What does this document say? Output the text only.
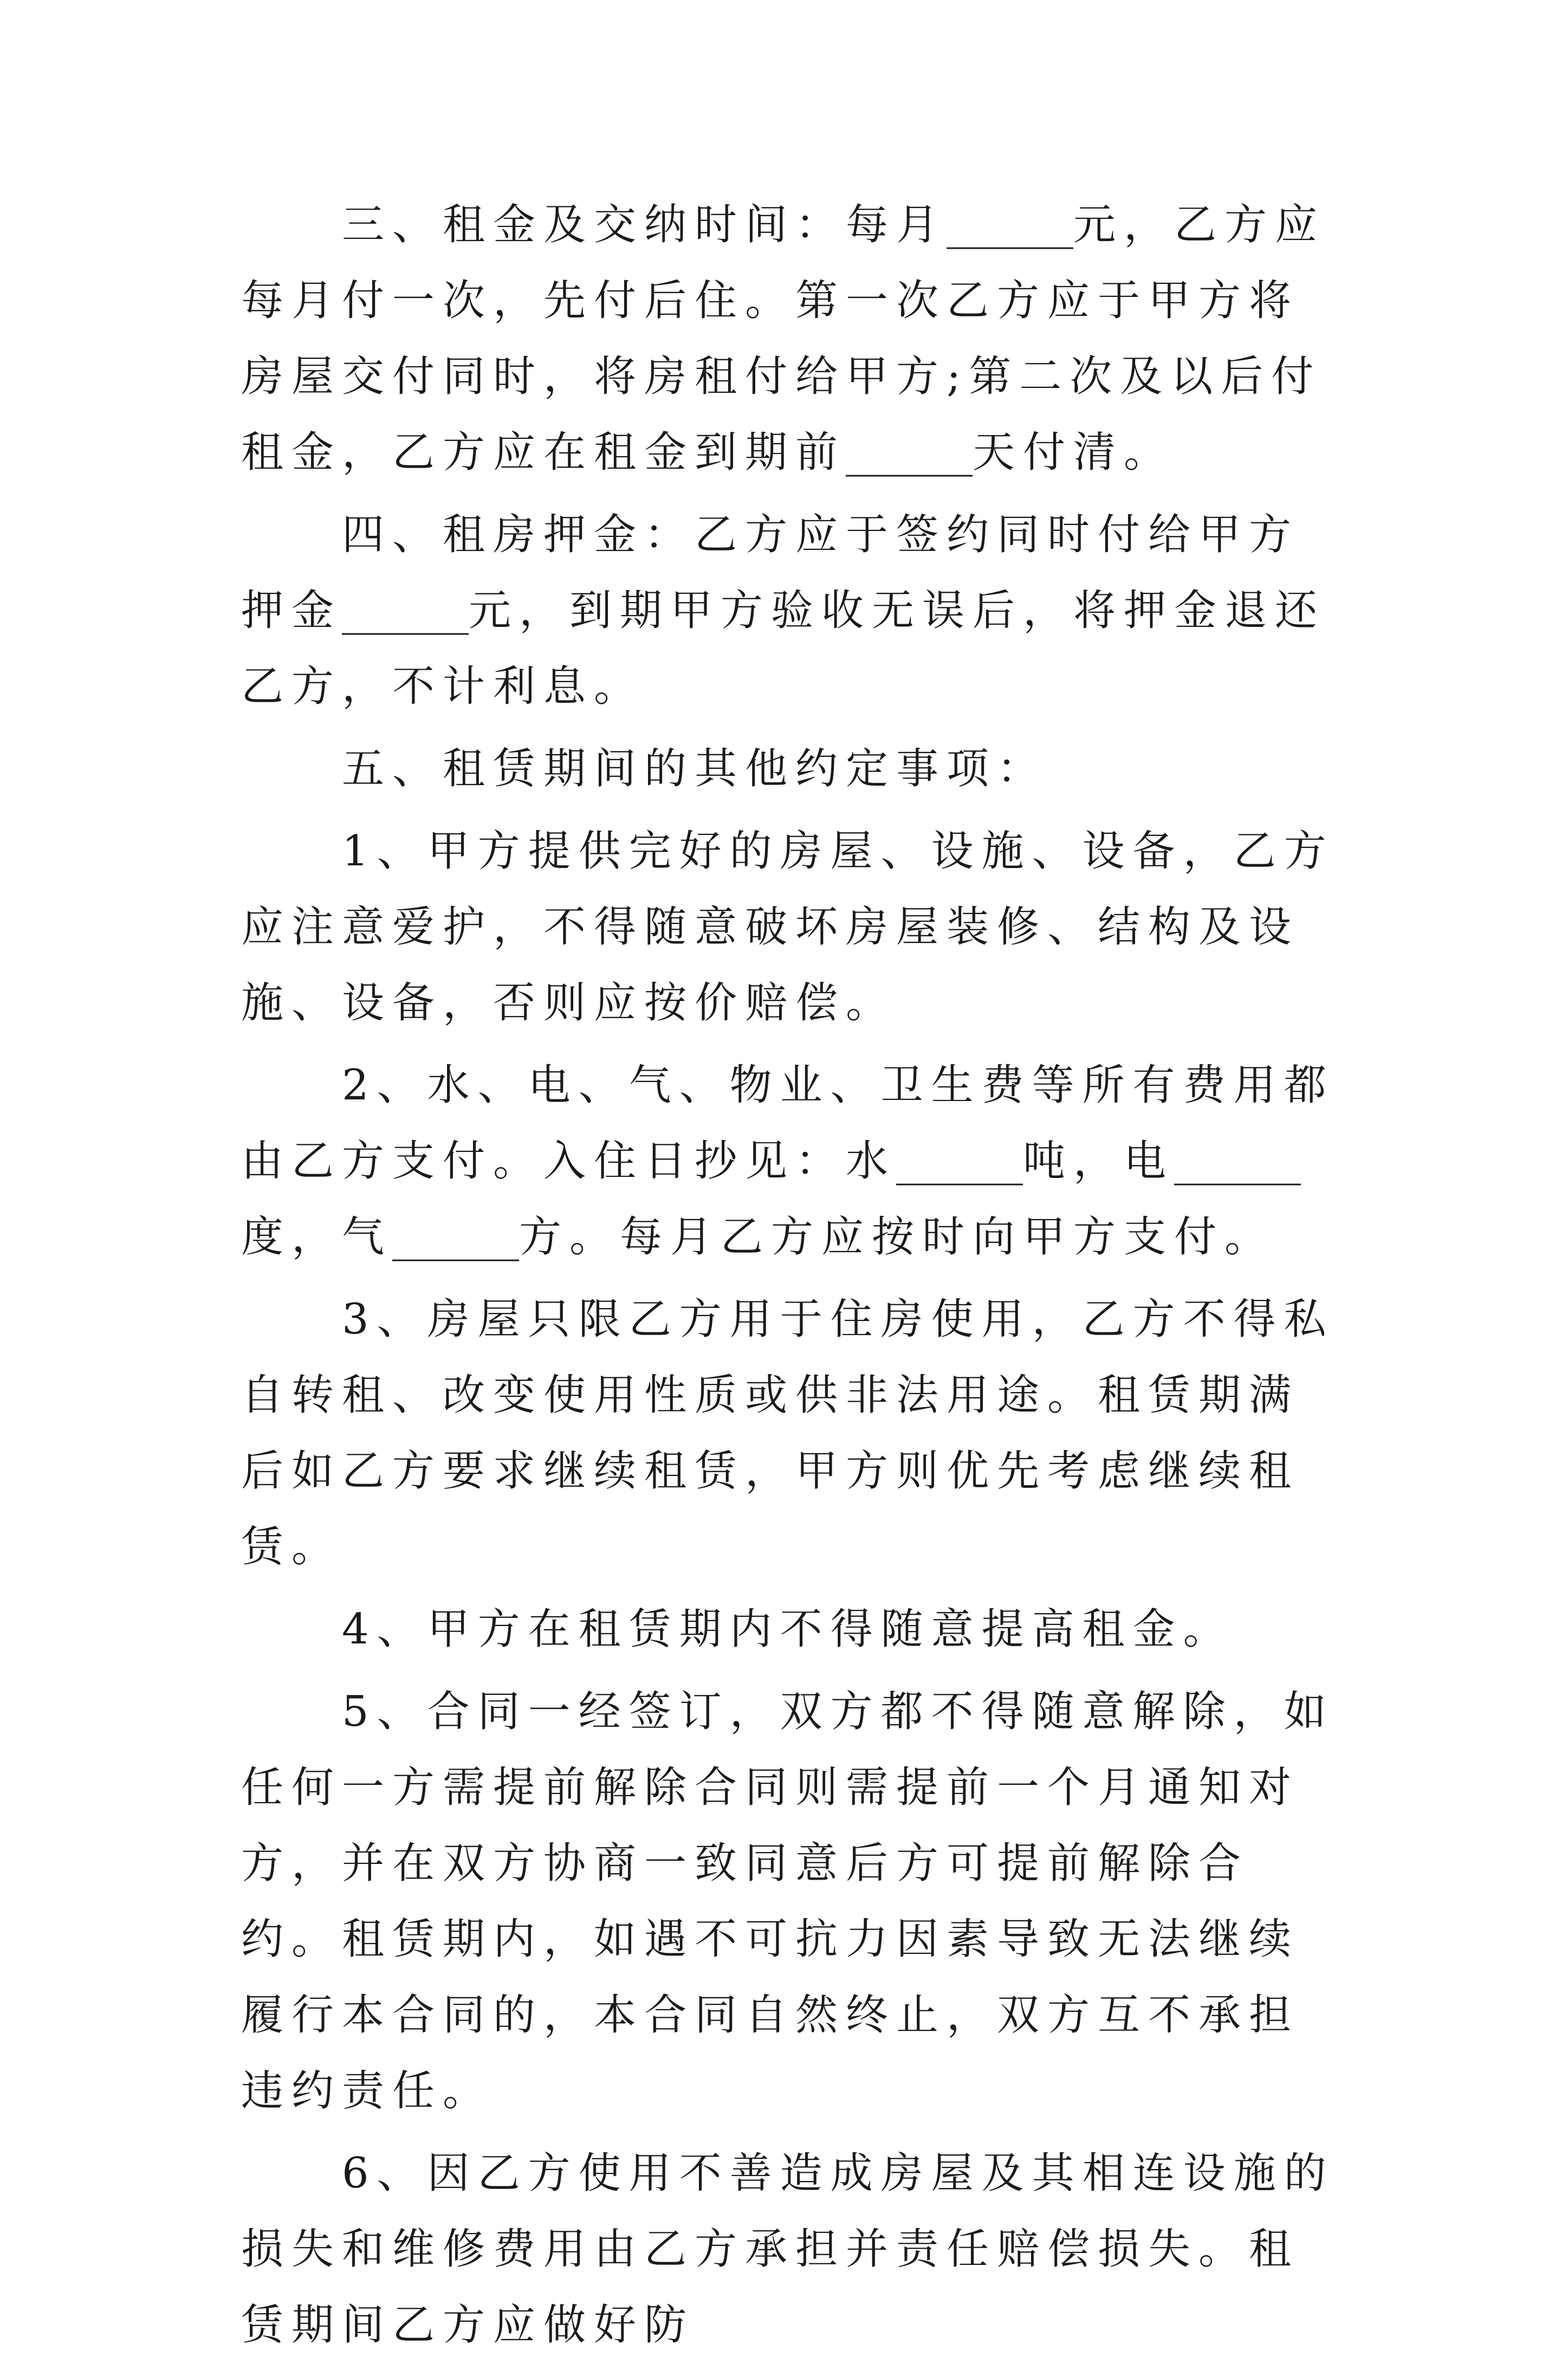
三、租金及交纳时间：每月______元，乙方应每月付一次，先付后住。第一次乙方应于甲方将房屋交付同时，将房租付给甲方;第二次及以后付租金，乙方应在租金到期前______天付清。

四、租房押金：乙方应于签约同时付给甲方押金______元，到期甲方验收无误后，将押金退还乙方，不计利息。

五、租赁期间的其他约定事项：

1、甲方提供完好的房屋、设施、设备，乙方应注意爱护，不得随意破坏房屋装修、结构及设施、设备，否则应按价赔偿。

2、水、电、气、物业、卫生费等所有费用都由乙方支付。入住日抄见：水______吨，电______度，气______方。每月乙方应按时向甲方支付。

3、房屋只限乙方用于住房使用，乙方不得私自转租、改变使用性质或供非法用途。租赁期满后如乙方要求继续租赁，甲方则优先考虑继续租赁。

4、甲方在租赁期内不得随意提高租金。

5、合同一经签订，双方都不得随意解除，如任何一方需提前解除合同则需提前一个月通知对方，并在双方协商一致同意后方可提前解除合约。租赁期内，如遇不可抗力因素导致无法继续履行本合同的，本合同自然终止，双方互不承担违约责任。

6、因乙方使用不善造成房屋及其相连设施的损失和维修费用由乙方承担并责任赔偿损失。租赁期间乙方应做好防
